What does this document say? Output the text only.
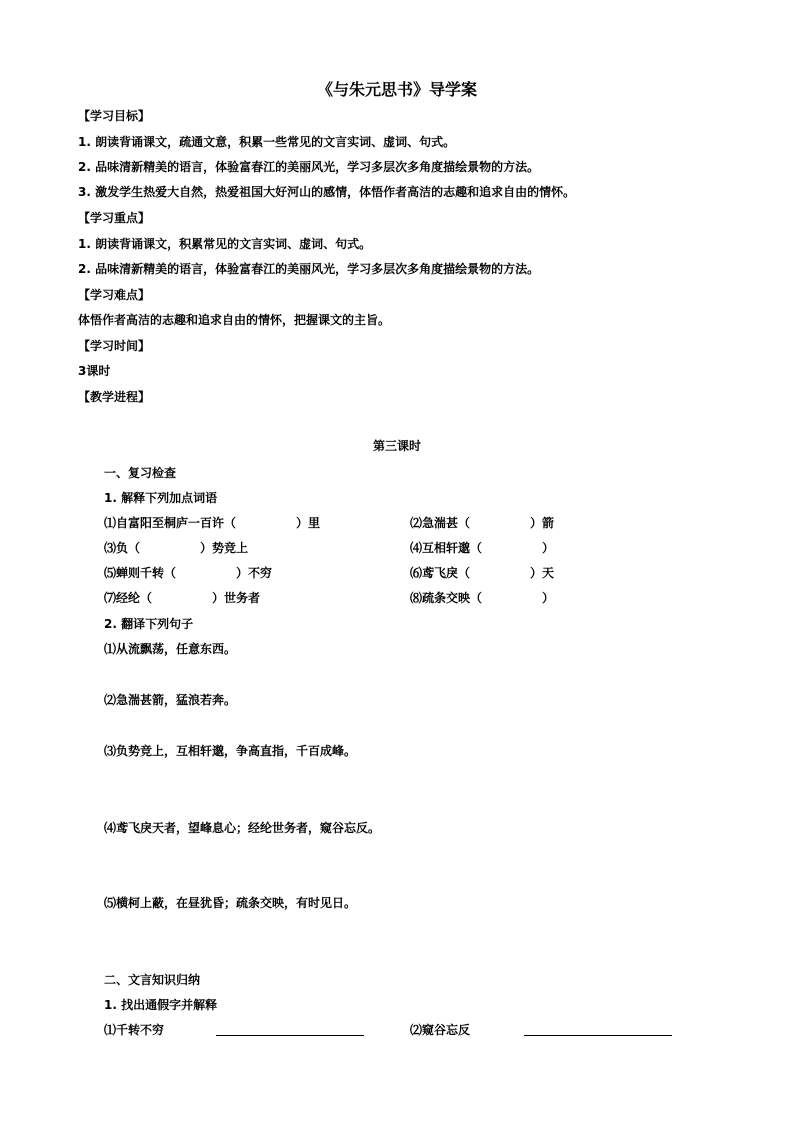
《与朱元思书》导学案
【学习目标】
1. 朗读背诵课文，疏通文意，积累一些常见的文言实词、虚词、句式。
2. 品味清新精美的语言，体验富春江的美丽风光，学习多层次多角度描绘景物的方法。
3. 激发学生热爱大自然，热爱祖国大好河山的感情，体悟作者高洁的志趣和追求自由的情怀。
【学习重点】
1. 朗读背诵课文，积累常见的文言实词、虚词、句式。
2. 品味清新精美的语言，体验富春江的美丽风光，学习多层次多角度描绘景物的方法。
【学习难点】
体悟作者高洁的志趣和追求自由的情怀，把握课文的主旨。
【学习时间】
3课时
【教学进程】
第三课时
一、复习检查
1. 解释下列加点词语
⑴自富阳至桐庐一百许（　　　　　）里	⑵急湍甚（　　　　　）箭
⑶负（　　　　　）势竞上	⑷互相轩邈（　　　　　）
⑸蝉则千转（　　　　　）不穷	⑹鸢飞戾（　　　　　）天
⑺经纶（　　　　　）世务者	⑻疏条交映（　　　　　）
2. 翻译下列句子
⑴从流飘荡，任意东西。
⑵急湍甚箭，猛浪若奔。
⑶负势竞上，互相轩邈，争高直指，千百成峰。
⑷鸢飞戾天者，望峰息心；经纶世务者，窥谷忘反。
⑸横柯上蔽，在昼犹昏；疏条交映，有时见日。
二、文言知识归纳
1. 找出通假字并解释
⑴千转不穷	⑵窥谷忘反
